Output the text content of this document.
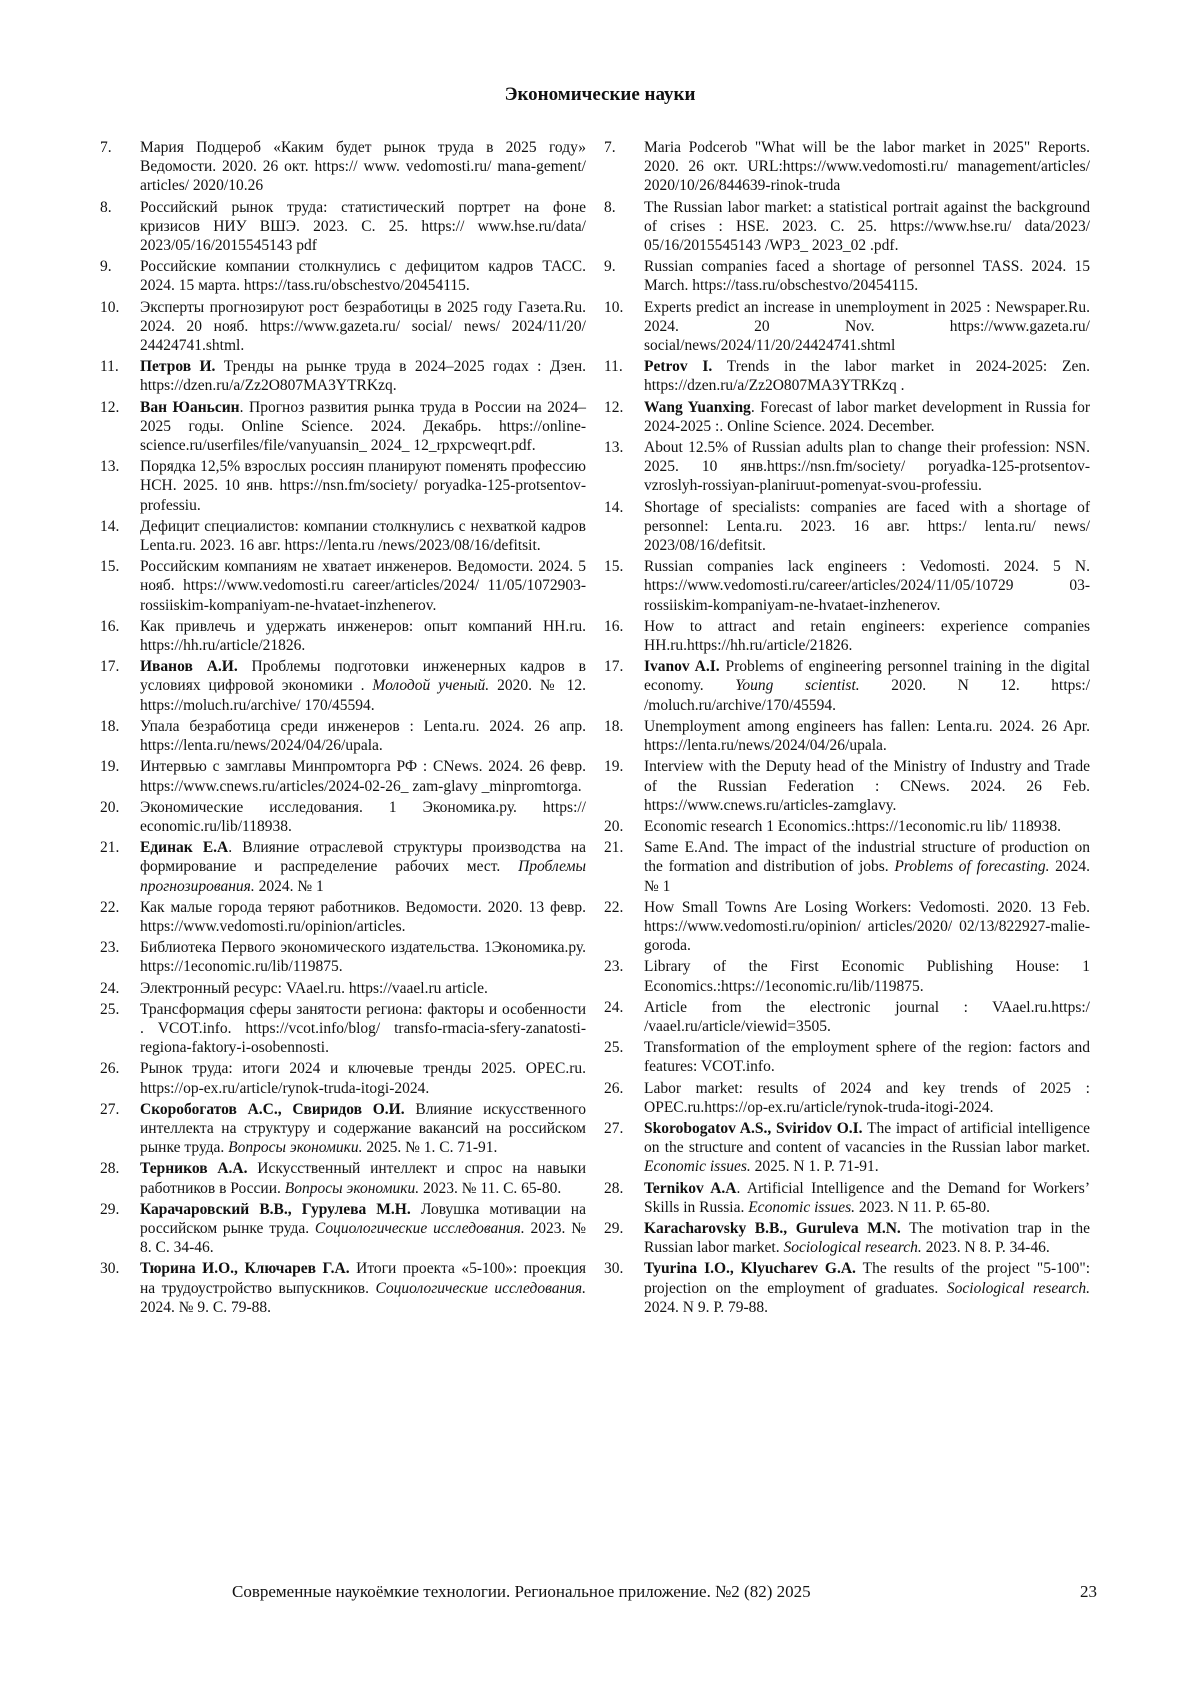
Экономические науки
7.	Мария Подцероб «Каким будет рынок труда в 2025 году» Ведомости. 2020. 26 окт. https:// www. vedomosti.ru/ mana-gement/ articles/ 2020/10.26
8.	Российский рынок труда: статистический портрет на фоне кризисов НИУ ВШЭ. 2023. С. 25. https:// www.hse.ru/data/ 2023/05/16/2015545143 pdf
9.	Российские компании столкнулись с дефицитом кадров ТАСС. 2024. 15 марта. https://tass.ru/obschestvo/20454115.
10.	Эксперты прогнозируют рост безработицы в 2025 году Газета.Ru. 2024. 20 нояб. https://www.gazeta.ru/ social/ news/ 2024/11/20/ 24424741.shtml.
11.	Петров И. Тренды на рынке труда в 2024–2025 годах : Дзен. https://dzen.ru/a/Zz2O807MA3YTRKzq.
12.	Ван Юаньсин. Прогноз развития рынка труда в России на 2024–2025 годы. Online Science. 2024. Декабрь. https://online-science.ru/userfiles/file/vanyuansin_ 2024_ 12_rpxpcweqrt.pdf.
13.	Порядка 12,5% взрослых россиян планируют поменять профессию НСН. 2025. 10 янв. https://nsn.fm/society/ poryadka-125-protsentov-professiu.
14.	Дефицит специалистов: компании столкнулись с нехваткой кадров Lenta.ru. 2023. 16 авг. https://lenta.ru /news/2023/08/16/defitsit.
15.	Российским компаниям не хватает инженеров. Ведомости. 2024. 5 нояб. https://www.vedomosti.ru career/articles/2024/ 11/05/1072903-rossiiskim-kompaniyam-ne-hvataet-inzhenerov.
16.	Как привлечь и удержать инженеров: опыт компаний HH.ru. https://hh.ru/article/21826.
17.	Иванов А.И. Проблемы подготовки инженерных кадров в условиях цифровой экономики . Молодой ученый. 2020. № 12. https://moluch.ru/archive/ 170/45594.
18.	Упала безработица среди инженеров : Lenta.ru. 2024. 26 апр. https://lenta.ru/news/2024/04/26/upala.
19.	Интервью с замглавы Минпромторга РФ : CNews. 2024. 26 февр. https://www.cnews.ru/articles/2024-02-26_ zam-glavy _minpromtorga.
20.	Экономические исследования. 1 Экономика.ру. https:// economic.ru/lib/118938.
21.	Единак Е.А. Влияние отраслевой структуры производства на формирование и распределение рабочих мест. Проблемы прогнозирования. 2024. № 1
22.	Как малые города теряют работников. Ведомости. 2020. 13 февр. https://www.vedomosti.ru/opinion/articles.
23.	Библиотека Первого экономического издательства. 1Экономика.ру. https://1economic.ru/lib/119875.
24.	Электронный ресурс: VAael.ru. https://vaael.ru article.
25.	Трансформация сферы занятости региона: факторы и особенности . VCOT.info. https://vcot.info/blog/ transfo-rmacia-sfery-zanatosti-regiona-faktory-i-osobennosti.
26.	Рынок труда: итоги 2024 и ключевые тренды 2025. OPEC.ru. https://op-ex.ru/article/rynok-truda-itogi-2024.
27.	Скоробогатов А.С., Свиридов О.И. Влияние искусственного интеллекта на структуру и содержание вакансий на российском рынке труда. Вопросы экономики. 2025. № 1. С. 71-91.
28.	Терников А.А. Искусственный интеллект и спрос на навыки работников в России. Вопросы экономики. 2023. № 11. С. 65-80.
29.	Карачаровский В.В., Гурулева М.Н. Ловушка мотивации на российском рынке труда. Социологические исследования. 2023. № 8. С. 34-46.
30.	Тюрина И.О., Ключарев Г.А. Итоги проекта «5-100»: проекция на трудоустройство выпускников. Социологические исследования. 2024. № 9. С. 79-88.
7.	Maria Podcerob "What will be the labor market in 2025" Reports. 2020. 26 окт. URL:https://www.vedomosti.ru/ management/articles/ 2020/10/26/844639-rinok-truda
8.	The Russian labor market: a statistical portrait against the background of crises : HSE. 2023. С. 25. https://www.hse.ru/ data/2023/ 05/16/2015545143 /WP3_ 2023_02 .pdf.
9.	Russian companies faced a shortage of personnel TASS. 2024. 15 March. https://tass.ru/obschestvo/20454115.
10.	Experts predict an increase in unemployment in 2025 : Newspaper.Ru. 2024. 20 Nov. https://www.gazeta.ru/ social/news/2024/11/20/24424741.shtml
11.	Petrov I. Trends in the labor market in 2024-2025: Zen. https://dzen.ru/a/Zz2O807MA3YTRKzq .
12.	Wang Yuanxing. Forecast of labor market development in Russia for 2024-2025 :. Online Science. 2024. December.
13.	About 12.5% of Russian adults plan to change their profession: NSN. 2025. 10 янв.https://nsn.fm/society/ poryadka-125-protsentov-vzroslyh-rossiyan-planiruut-pomenyat-svou-professiu.
14.	Shortage of specialists: companies are faced with a shortage of personnel: Lenta.ru. 2023. 16 авг. https:/ lenta.ru/ news/ 2023/08/16/defitsit.
15.	Russian companies lack engineers : Vedomosti. 2024. 5 N. https://www.vedomosti.ru/career/articles/2024/11/05/10729 03-rossiiskim-kompaniyam-ne-hvataet-inzhenerov.
16.	How to attract and retain engineers: experience companies HH.ru.https://hh.ru/article/21826.
17.	Ivanov A.I. Problems of engineering personnel training in the digital economy. Young scientist. 2020. N 12. https:/ /moluch.ru/archive/170/45594.
18.	Unemployment among engineers has fallen: Lenta.ru. 2024. 26 Apr. https://lenta.ru/news/2024/04/26/upala.
19.	Interview with the Deputy head of the Ministry of Industry and Trade of the Russian Federation : CNews. 2024. 26 Feb. https://www.cnews.ru/articles-zamglavy.
20.	Economic research 1 Economics.:https://1economic.ru lib/ 118938.
21.	Same E.And. The impact of the industrial structure of production on the formation and distribution of jobs. Problems of forecasting. 2024. № 1
22.	How Small Towns Are Losing Workers: Vedomosti. 2020. 13 Feb. https://www.vedomosti.ru/opinion/ articles/2020/ 02/13/822927-malie-goroda.
23.	Library of the First Economic Publishing House: 1 Economics.:https://1economic.ru/lib/119875.
24.	Article from the electronic journal : VAael.ru.https:/ /vaael.ru/article/viewid=3505.
25.	Transformation of the employment sphere of the region: factors and features: VCOT.info.
26.	Labor market: results of 2024 and key trends of 2025 : OPEC.ru.https://op-ex.ru/article/rynok-truda-itogi-2024.
27.	Skorobogatov A.S., Sviridov O.I. The impact of artificial intelligence on the structure and content of vacancies in the Russian labor market. Economic issues. 2025. N 1. P. 71-91.
28.	Ternikov A.A. Artificial Intelligence and the Demand for Workers’ Skills in Russia. Economic issues. 2023. N 11. P. 65-80.
29.	Karacharovsky B.B., Guruleva M.N. The motivation trap in the Russian labor market. Sociological research. 2023. N 8. P. 34-46.
30.	Tyurina I.O., Klyucharev G.A. The results of the project "5-100": projection on the employment of graduates. Sociological research. 2024. N 9. P. 79-88.
Современные наукоёмкие технологии. Региональное приложение. №2 (82) 2025	23
